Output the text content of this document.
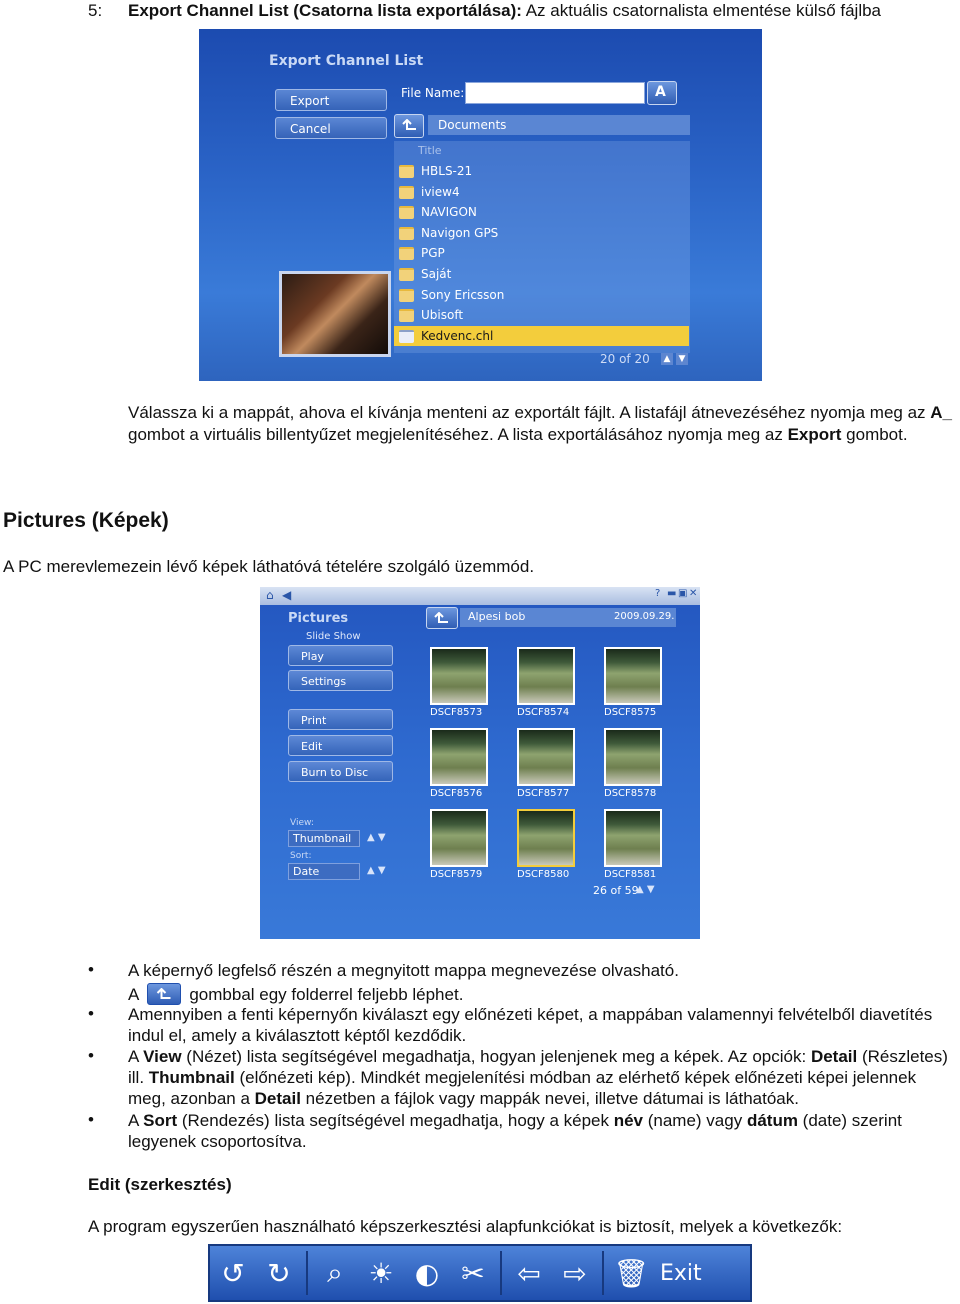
5: Export Channel List (Csatorna lista exportálása): Az aktuális csatornalista elmentése külső fájlba
Export Channel List
Export
Cancel
File Name:	A
Documents
Title
HBLS-21
iview4
NAVIGON
Navigon GPS
PGP
Saját
Sony Ericsson
Ubisoft
Kedvenc.chl
20 of 20 ▲ ▼
Válassza ki a mappát, ahova el kívánja menteni az exportált fájlt. A listafájl átnevezéséhez nyomja meg az A_
gombot a virtuális billentyűzet megjelenítéséhez. A lista exportálásához nyomja meg az Export gombot.
Pictures (Képek)
A PC merevlemezein lévő képek láthatóvá tételére szolgáló üzemmód.
⌂ ◀	? ▬ ▣ ✕
Pictures
Slide Show
Play
Settings
Print
Edit
Burn to Disc
View:
Thumbnail	▲ ▼
Sort:
Date	▲ ▼
Alpesi bob	2009.09.29.
DSCF8573	DSCF8574	DSCF8575
DSCF8576	DSCF8577	DSCF8578
DSCF8579	DSCF8580	DSCF8581
26 of 59
▲ ▼
• A képernyő legfelső részén a megnyitott mappa megnevezése olvasható.
A	gombbal egy folderrel feljebb léphet.
• Amennyiben a fenti képernyőn kiválaszt egy előnézeti képet, a mappában valamennyi felvételből diavetítés
indul el, amely a kiválasztott képtől kezdődik.
• A View (Nézet) lista segítségével megadhatja, hogyan jelenjenek meg a képek. Az opciók: Detail (Részletes)
ill. Thumbnail (előnézeti kép). Mindkét megjelenítési módban az elérhető képek előnézeti képei jelennek
meg, azonban a Detail nézetben a fájlok vagy mappák nevei, illetve dátumai is láthatóak.
• A Sort (Rendezés) lista segítségével megadhatja, hogy a képek név (name) vagy dátum (date) szerint
legyenek csoportosítva.
Edit (szerkesztés)
A program egyszerűen használható képszerkesztési alapfunkciókat is biztosít, melyek a következők:
↺ ↻	⌕ ☀ ◐ ✂	⇦ ⇨ 🗑 Exit
